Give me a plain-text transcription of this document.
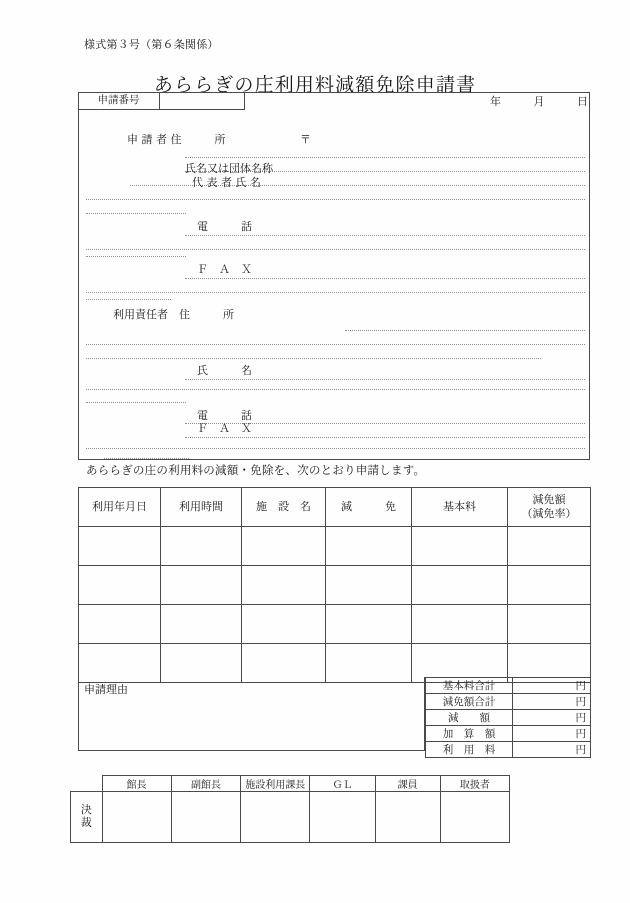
様式第３号（第６条関係）
あららぎの庄利用料減額免除申請書
申請番号	年	月	日
申 請 者 住　　　所	〒
氏名又は団体名称
代 表 者 氏 名
電　　　話
Ｆ　Ａ　Ｘ
利用責任者　住　　　所
氏　　　名
電　　　話
Ｆ　Ａ　Ｘ
あららぎの庄の利用料の減額・免除を、次のとおり申請します。
利用年月日	利用時間	施　設　名	減　　　免	基本料	減免額
（減免率）

申請理由	基本料合計	円
減免額合計	円
減　　額	円
加　算　額	円
利　用　料	円
	館長	副館長	施設利用課長	ＧＬ	課員	取扱者

決
裁						
